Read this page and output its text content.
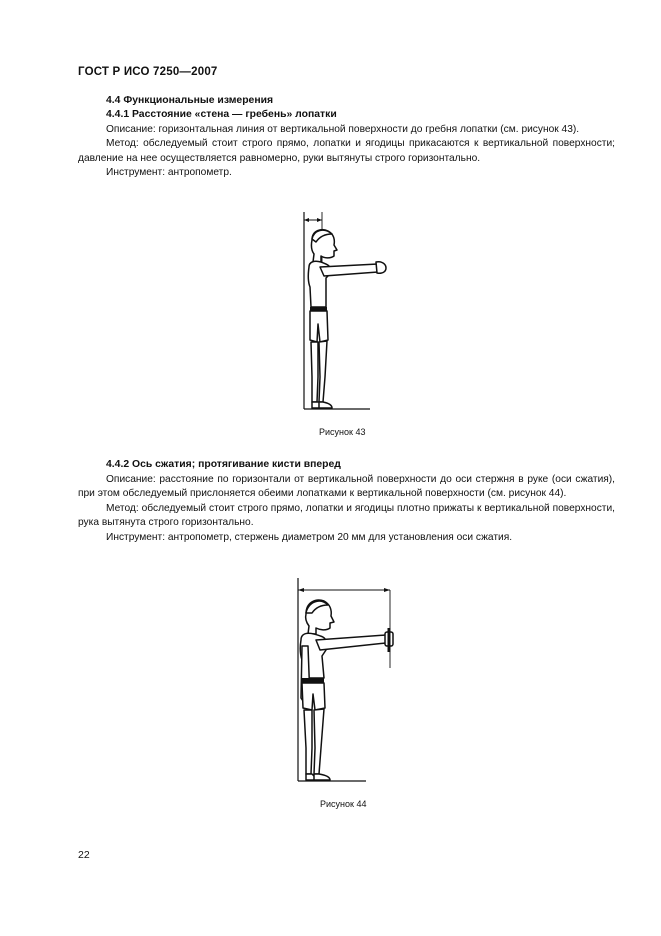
ГОСТ Р ИСО 7250—2007
4.4 Функциональные измерения
4.4.1 Расстояние «стена — гребень» лопатки

Описание: горизонтальная линия от вертикальной поверхности до гребня лопатки (см. рисунок 43).

Метод: обследуемый стоит строго прямо, лопатки и ягодицы прикасаются к вертикальной поверхности; давление на нее осуществляется равномерно, руки вытянуты строго горизонтально.

Инструмент: антропометр.

Рисунок 43
4.4.2 Ось сжатия; протягивание кисти вперед

Описание: расстояние по горизонтали от вертикальной поверхности до оси стержня в руке (оси сжатия), при этом обследуемый прислоняется обеими лопатками к вертикальной поверхности (см. рисунок 44).

Метод: обследуемый стоит строго прямо, лопатки и ягодицы плотно прижаты к вертикальной поверхности, рука вытянута строго горизонтально.

Инструмент: антропометр, стержень диаметром 20 мм для установления оси сжатия.

Рисунок 44
22
